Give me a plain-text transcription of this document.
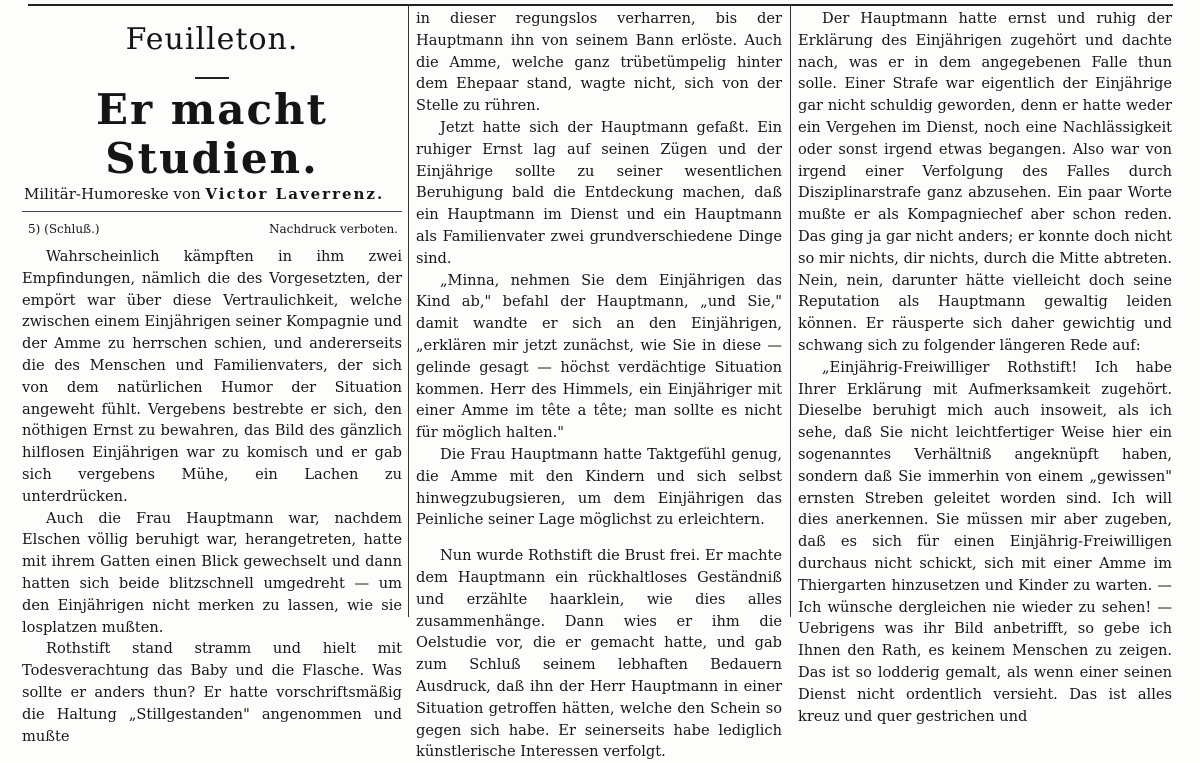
Feuilleton.
Er macht Studien.
Militär-Humoreske von Victor Laverrenz.
5) (Schluß.)	Nachdruck verboten.

Wahrscheinlich kämpften in ihm zwei Empfindungen, nämlich die des Vorgesetzten, der empört war über diese Vertraulichkeit, welche zwischen einem Einjährigen seiner Kompagnie und der Amme zu herrschen schien, und andererseits die des Menschen und Familienvaters, der sich von dem natürlichen Humor der Situation angeweht fühlt. Vergebens bestrebte er sich, den nöthigen Ernst zu bewahren, das Bild des gänzlich hilflosen Einjährigen war zu komisch und er gab sich vergebens Mühe, ein Lachen zu unterdrücken.

Auch die Frau Hauptmann war, nachdem Elschen völlig beruhigt war, herangetreten, hatte mit ihrem Gatten einen Blick gewechselt und dann hatten sich beide blitzschnell umgedreht — um den Einjährigen nicht merken zu lassen, wie sie losplatzen mußten.

Rothstift stand stramm und hielt mit Todesverachtung das Baby und die Flasche. Was sollte er anders thun? Er hatte vorschriftsmäßig die Haltung „Stillgestanden" angenommen und mußte

in dieser regungslos verharren, bis der Hauptmann ihn von seinem Bann erlöste. Auch die Amme, welche ganz trübetümpelig hinter dem Ehepaar stand, wagte nicht, sich von der Stelle zu rühren.

Jetzt hatte sich der Hauptmann gefaßt. Ein ruhiger Ernst lag auf seinen Zügen und der Einjährige sollte zu seiner wesentlichen Beruhigung bald die Entdeckung machen, daß ein Hauptmann im Dienst und ein Hauptmann als Familienvater zwei grundverschiedene Dinge sind.

„Minna, nehmen Sie dem Einjährigen das Kind ab," befahl der Hauptmann, „und Sie," damit wandte er sich an den Einjährigen, „erklären mir jetzt zunächst, wie Sie in diese — gelinde gesagt — höchst verdächtige Situation kommen. Herr des Himmels, ein Einjähriger mit einer Amme im tête a tête; man sollte es nicht für möglich halten."

Die Frau Hauptmann hatte Taktgefühl genug, die Amme mit den Kindern und sich selbst hinwegzubugsieren, um dem Einjährigen das Peinliche seiner Lage möglichst zu erleichtern.

Nun wurde Rothstift die Brust frei. Er machte dem Hauptmann ein rückhaltloses Geständniß und erzählte haarklein, wie dies alles zusammenhänge. Dann wies er ihm die Oelstudie vor, die er gemacht hatte, und gab zum Schluß seinem lebhaften Bedauern Ausdruck, daß ihn der Herr Hauptmann in einer Situation getroffen hätten, welche den Schein so gegen sich habe. Er seinerseits habe lediglich künstlerische Interessen verfolgt.

Der Hauptmann hatte ernst und ruhig der Erklärung des Einjährigen zugehört und dachte nach, was er in dem angegebenen Falle thun solle. Einer Strafe war eigentlich der Einjährige gar nicht schuldig geworden, denn er hatte weder ein Vergehen im Dienst, noch eine Nachlässigkeit oder sonst irgend etwas begangen. Also war von irgend einer Verfolgung des Falles durch Disziplinarstrafe ganz abzusehen. Ein paar Worte mußte er als Kompagniechef aber schon reden. Das ging ja gar nicht anders; er konnte doch nicht so mir nichts, dir nichts, durch die Mitte abtreten. Nein, nein, darunter hätte vielleicht doch seine Reputation als Hauptmann gewaltig leiden können. Er räusperte sich daher gewichtig und schwang sich zu folgender längeren Rede auf:

„Einjährig-Freiwilliger Rothstift! Ich habe Ihrer Erklärung mit Aufmerksamkeit zugehört. Dieselbe beruhigt mich auch insoweit, als ich sehe, daß Sie nicht leichtfertiger Weise hier ein sogenanntes Verhältniß angeknüpft haben, sondern daß Sie immerhin von einem „gewissen" ernsten Streben geleitet worden sind. Ich will dies anerkennen. Sie müssen mir aber zugeben, daß es sich für einen Einjährig-Freiwilligen durchaus nicht schickt, sich mit einer Amme im Thiergarten hinzusetzen und Kinder zu warten. — Ich wünsche dergleichen nie wieder zu sehen! — Uebrigens was ihr Bild anbetrifft, so gebe ich Ihnen den Rath, es keinem Menschen zu zeigen. Das ist so lodderig gemalt, als wenn einer seinen Dienst nicht ordentlich versieht. Das ist alles kreuz und quer gestrichen und
